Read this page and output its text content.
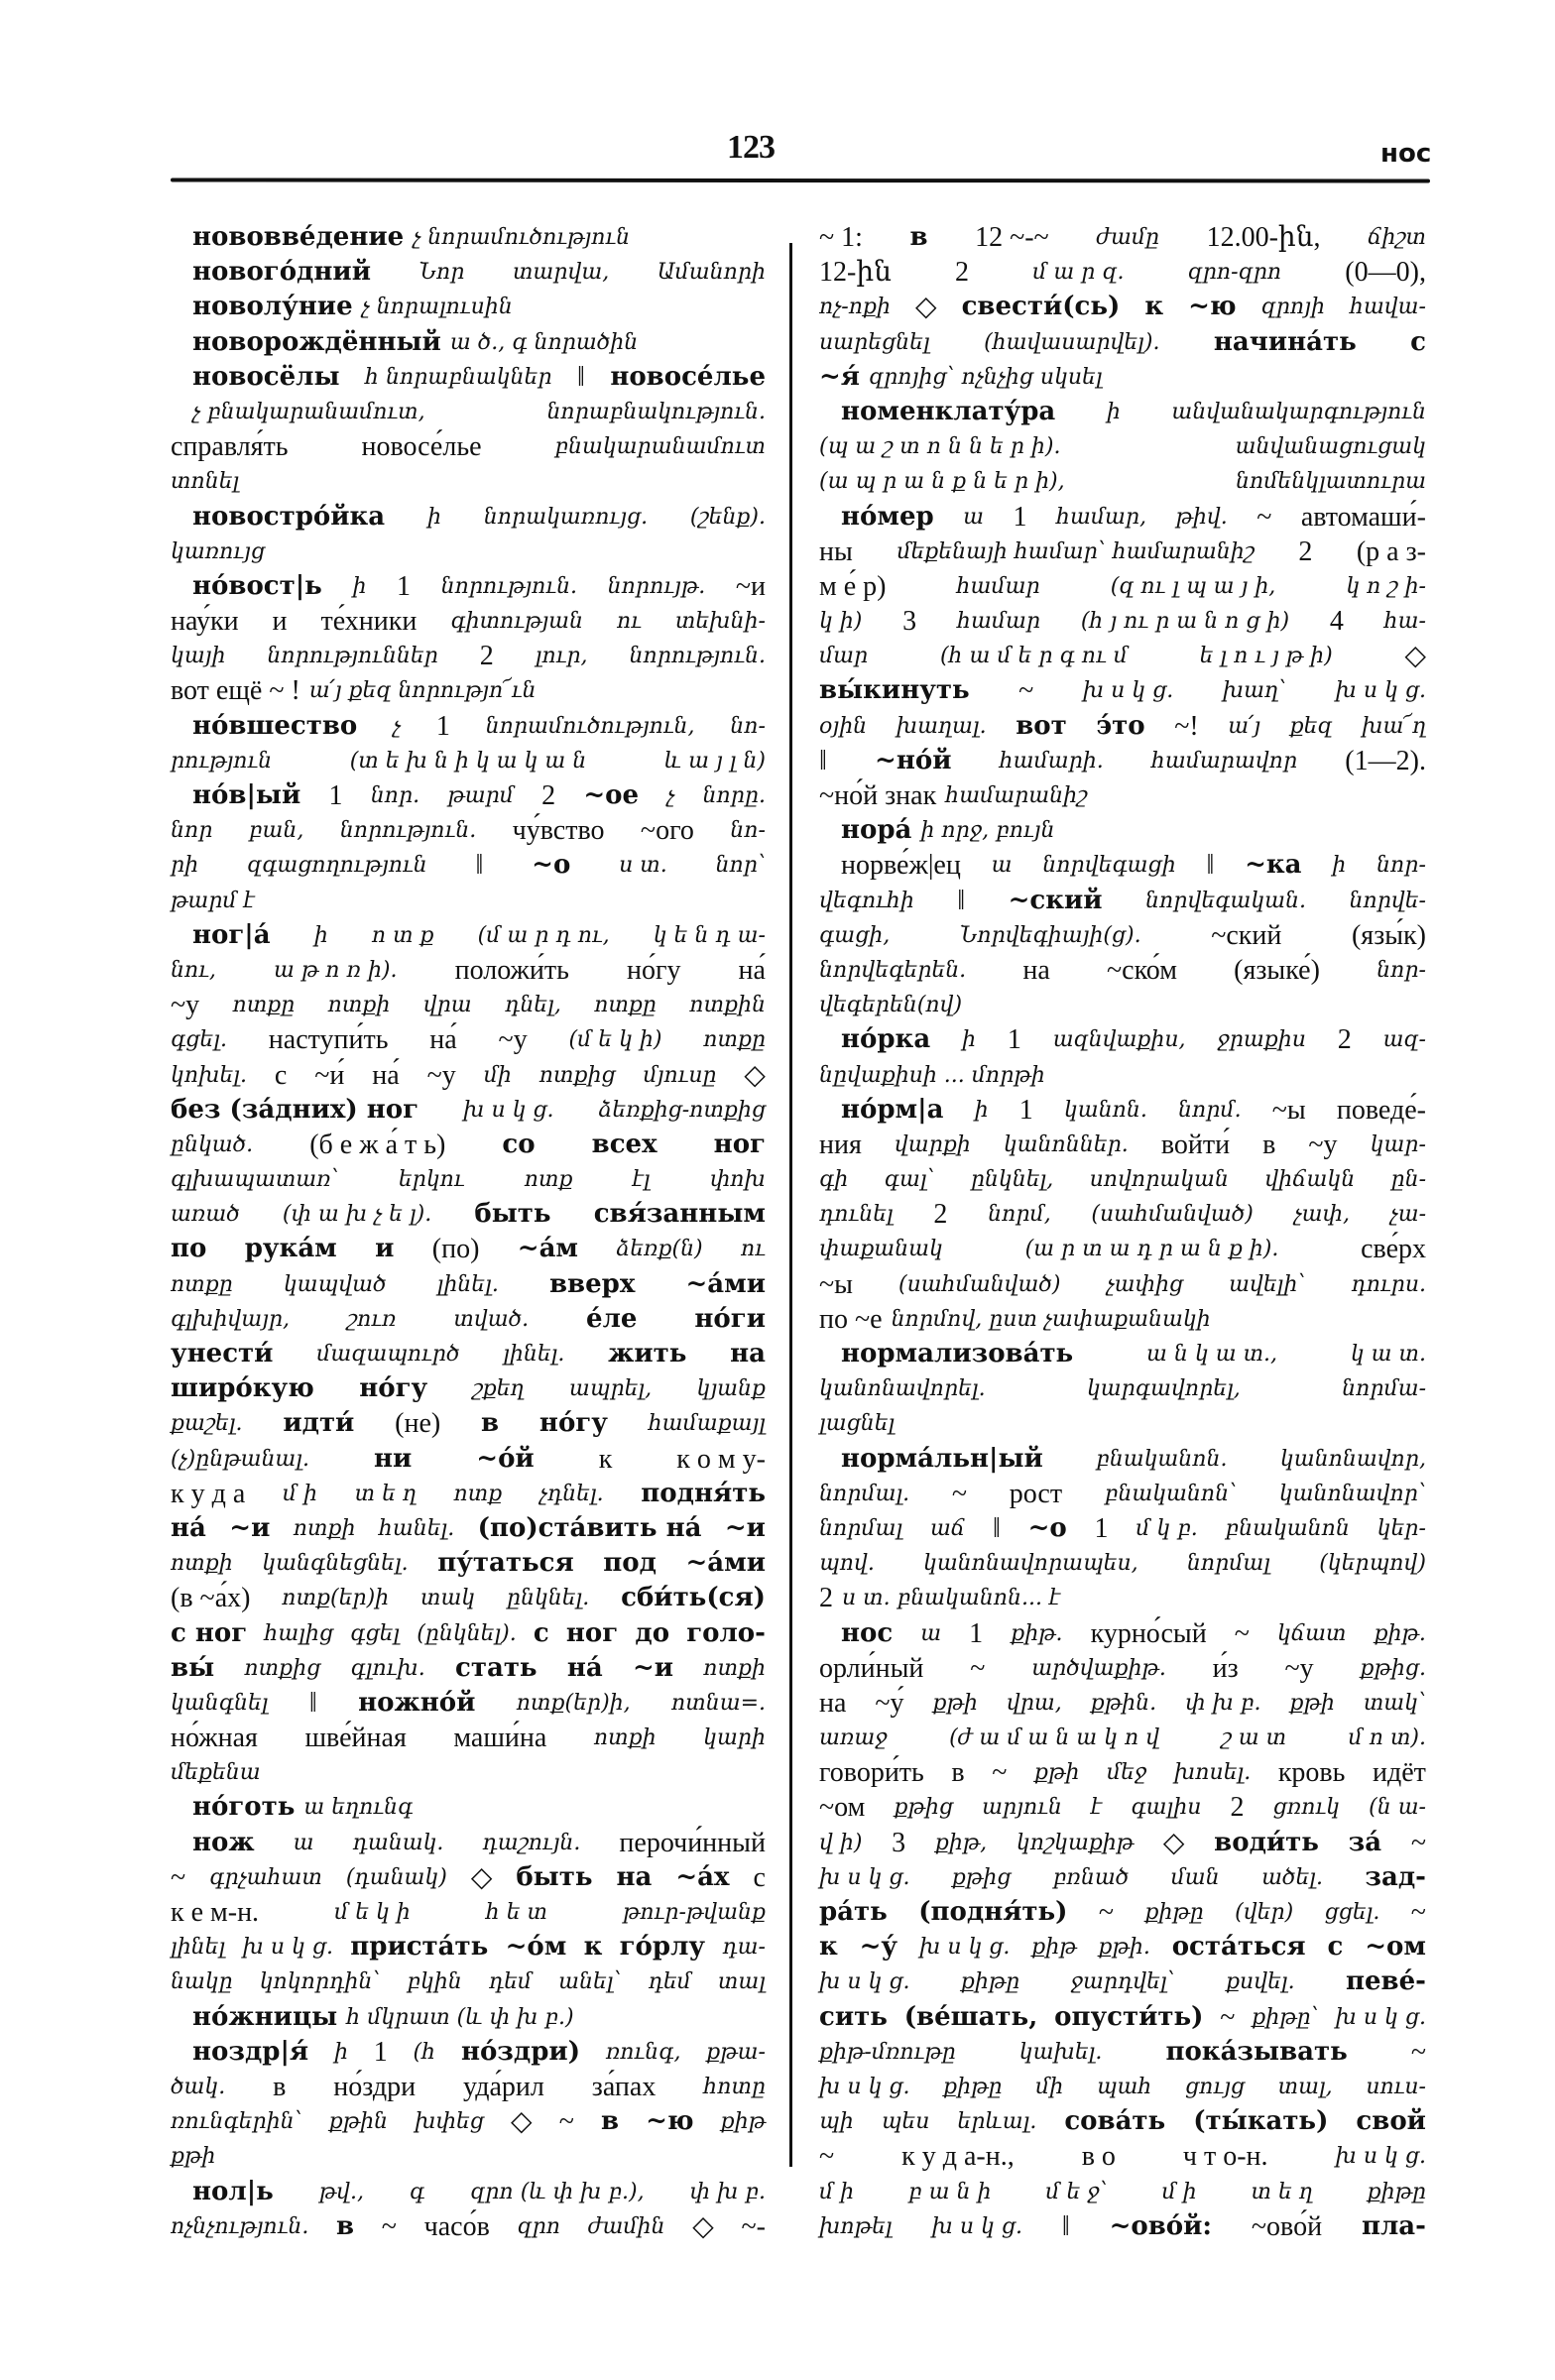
123	нос
нововве́дение չ նորամուծություն
нового́дний Նոր տարվա, Ամանորի
новолу́ние չ նորալուսին
новорождённый ա ծ., գ նորածին
новосёлы հ նորաբնակներ ‖ новосе́лье
չ բնակարանամուտ,	նորաբնակություն.
справля́ть	новосе́лье	բնակարանամուտ
տոնել
новостро́йка ի նորակառույց. (շենք).
կառույց
но́вост|ь ի 1 նորություն. նորույթ. ~и
нау́ки и те́хники գիտության ու տեխնի-
կայի նորություններ 2 լուր, նորություն.
вот ещё ~ ! ա՛յ քեզ նորությո՜ւն
но́вшество չ 1 նորամուծություն, նո-
րություն	(տ ե խ ն ի կ ա կ ա ն	և ա յ լ ն)
но́в|ый 1 նոր. թարմ 2 ~ое չ նորը.
նոր բան, նորություն. чу́вство ~ого նո-
րի զգացողություն ‖ ~о ս տ. նոր՝
թարմ է
ног|а́ ի ո տ ք (մ ա ր դ ու, կ ե ն դ ա-
նու,	ա թ ո ռ ի). положи́ть но́гу на́
~у ոտքը ոտքի վրա դնել, ոտքը ոտքին
գցել. наступи́ть на́ ~у (մ ե կ ի) ոտքը
կոխել. с ~и́ на́ ~у մի ոտքից մյուսը ◇
без (за́дних) ног խ ս կ ց. ձեռքից-ոտքից
ընկած. (б е ж а́ т ь) со всех ног
գլխապատառ՝	երկու	ոտք	էլ	փոխ
առած (փ ա խ չ ե լ). быть свя́занным
по рука́м и (по) ~а́м ձեռք(ն) ու
ոտքը կապված լինել. вверх ~а́ми
գլխիվայր,	շուռ	տված. е́ле но́ги
унести́ մազապուրծ լինել. жить на
широ́кую но́гу շքեղ ապրել, կյանք
քաշել. идти́ (не) в но́гу համաքայլ
(չ)ընթանալ. ни ~о́й к к о м у-
к у д а մ ի տ ե ղ ոտք չդնել. подня́ть
на́ ~и ոտքի հանել. (по)ста́вить на́ ~и
ոտքի կանգնեցնել. пу́таться под ~а́ми
(в ~а́х) ոտք(եր)ի տակ ընկնել. сби́ть(ся)
с ног հալից գցել (ընկնել). с ног до голо-
вы́ ոտքից գլուխ. стать на́ ~и ոտքի
կանգնել ‖ ножно́й ոտք(եր)ի, ոտնա=.
но́жная шве́йная маши́на ոտքի կարի
մեքենա
но́готь ա եղունգ
нож ա դանակ. դաշույն. перочи́нный
~ գրչահատ (դանակ) ◇ быть на ~а́х с
к е м-н.	մ ե կ ի	հ ե տ	թուր-թվանք
լինել խ ս կ ց. приста́ть ~о́м к го́рлу դա-
նակը կոկորդին՝ բկին դեմ անել՝ դեմ տալ
но́жницы հ մկրատ (և փ խ բ.)
ноздр|я́ ի 1 (հ но́здри) ռունգ, քթա-
ծակ. в но́здри уда́рил за́пах հոտը
ռունգերին՝ քթին խփեց ◇ ~ в ~ю քիթ
քթի
нол|ь թվ., գ զրո (և փ խ բ.), փ խ բ.
ոչնչություն. в ~ часо́в զրո ժամին ◇ ~-
~ 1: в 12 ~-~ ժամը 12.00-ին, ճիշտ
12-ին 2	մ ա ր զ.	զրո-զրո (0—0),
ոչ-ոքի ◇ свести́(сь) к ~ю զրոյի հավա-
սարեցնել (հավասարվել). начина́ть с
~я́ զրոյից՝ ոչնչից սկսել
номенклату́ра ի անվանակարգություն
(պ ա շ տ ո ն ն ե ր ի).	անվանացուցակ
(ա պ ր ա ն ք ն ե ր ի),	նոմենկլատուրա
но́мер ա 1 համար, թիվ. ~ автомаши́-
ны մեքենայի համար՝ համարանիշ 2 (р а з-
м е́ р)	համար	(զ ու լ պ ա յ ի,	կ ո շ ի-
կ ի) 3 համար (հ յ ու ր ա ն ո ց ի) 4 հա-
մար	(հ ա մ ե ր գ ու մ	ե լ ո ւ յ թ ի)	◇
вы́кинуть ~ խ ս կ ց. խաղ՝ խ ս կ ց.
օյին խաղալ. вот э́то ~! ա՛յ քեզ խա՜ղ
‖ ~но́й համարի. համարավոր (1—2).
~но́й знак համարանիշ
нора́ ի որջ, բույն
норве́ж|ец ա նորվեգացի ‖ ~ка ի նոր-
վեգուհի ‖ ~ский նորվեգական. նորվե-
գացի,	Նորվեգիայի(ց).	~ский	(язы́к)
նորվեգերեն. на ~ско́м (языке́)	նոր-
վեգերեն(ով)
но́рка ի 1 ազնվաքիս, ջրաքիս 2 ազ-
նըվաքիսի ... մորթի
но́рм|а ի 1 կանոն. նորմ. ~ы поведе́-
ния վարքի կանոններ. войти́ в ~у կար-
գի գալ՝ ընկնել, սովորական վիճակն ըն-
դունել 2 նորմ, (սահմանված) չափ, չա-
փաքանակ	(ա ր տ ա դ ր ա ն ք ի).	све́рх
~ы (սահմանված) չափից ավելի՝ դուրս.
по ~е նորմով, ըստ չափաքանակի
нормализова́ть	ա ն կ ա տ.,	կ ա տ.
կանոնավորել.	կարգավորել,	նորմա-
լացնել
норма́льн|ый բնականոն. կանոնավոր,
նորմալ. ~ рост բնականոն՝ կանոնավոր՝
նորմալ աճ ‖ ~о 1 մ կ բ. բնականոն կեր-
պով. կանոնավորապես, նորմալ (կերպով)
2 ս տ. բնականոն... է
нос ա 1 քիթ. курно́сый ~ կճատ քիթ.
орли́ный ~ արծվաքիթ. и́з ~у քթից.
на ~у́ քթի վրա, քթին. փ խ բ. քթի տակ՝
առաջ	(ժ ա մ ա ն ա կ ո վ	շ ա տ	մ ո տ).
говори́ть в ~ քթի մեջ խոսել. кровь идёт
~ом քթից արյուն է գալիս 2 ցռուկ (ն ա-
վ ի) 3 քիթ, կոշկաքիթ ◇ води́ть за́ ~
խ ս կ ց. քթից բռնած ման ածել. зад-
ра́ть (подня́ть) ~ քիթը (վեր) ցցել. ~
к ~у́ խ ս կ ց. քիթ քթի. оста́ться с ~ом
խ ս կ ց. քիթը ջարդվել՝ քսվել. певе́-
сить (ве́шать, опусти́ть) ~ քիթը՝ խ ս կ ց.
քիթ-մռութը	կախել. пока́зывать ~
խ ս կ ց. քիթը մի պահ ցույց տալ, սուս-
պի պես երևալ. сова́ть (ты́кать) свой
~ к у д а-н., в о ч т о-н.	խ ս կ ց.
մ ի բ ա ն ի մ ե ջ՝ մ ի տ ե ղ քիթը
խոթել խ ս կ ց. ‖ ~ово́й: ~ово́й пла-
